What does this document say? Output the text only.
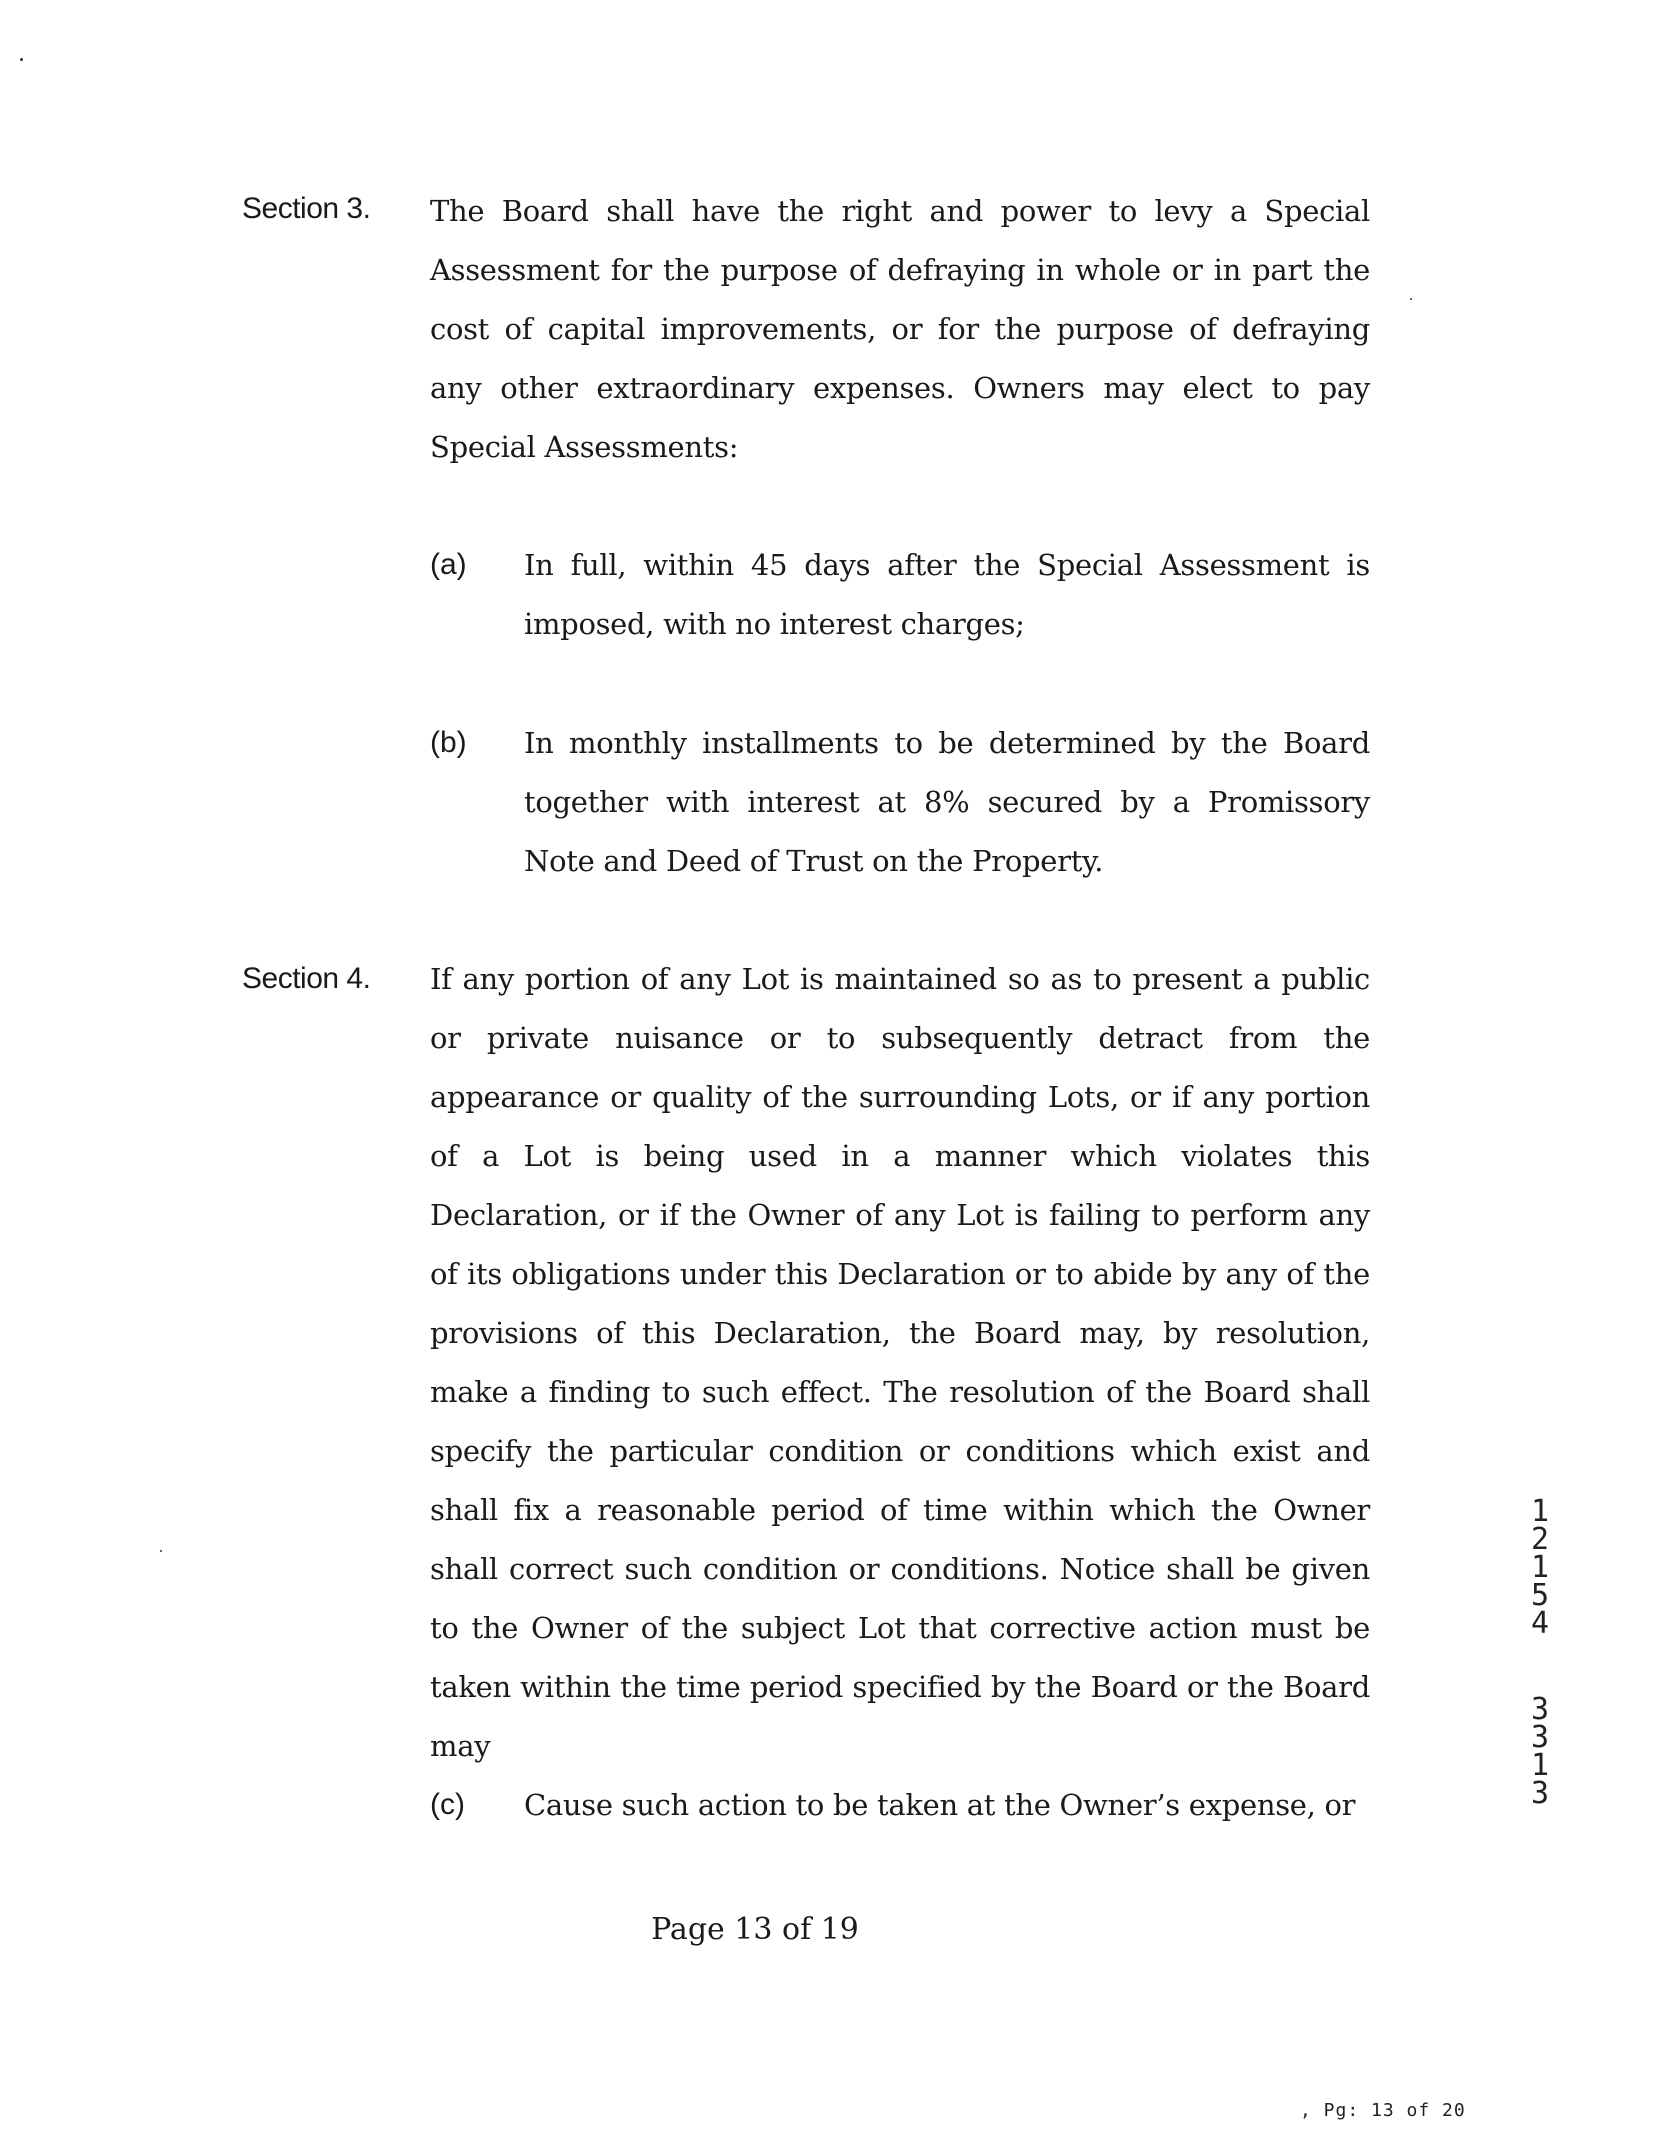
Section 3. The Board shall have the right and power to levy a Special Assessment for the purpose of defraying in whole or in part the cost of capital improvements, or for the purpose of defraying any other extraordinary expenses. Owners may elect to pay Special Assessments:
(a) In full, within 45 days after the Special Assessment is imposed, with no interest charges;
(b) In monthly installments to be determined by the Board together with interest at 8% secured by a Promissory Note and Deed of Trust on the Property.
Section 4. If any portion of any Lot is maintained so as to present a public or private nuisance or to subsequently detract from the appearance or quality of the surrounding Lots, or if any portion of a Lot is being used in a manner which violates this Declaration, or if the Owner of any Lot is failing to perform any of its obligations under this Declaration or to abide by any of the provisions of this Declaration, the Board may, by resolution, make a finding to such effect. The resolution of the Board shall specify the particular condition or conditions which exist and shall fix a reasonable period of time within which the Owner shall correct such condition or conditions. Notice shall be given to the Owner of the subject Lot that corrective action must be taken within the time period specified by the Board or the Board may
(c) Cause such action to be taken at the Owner’s expense, or
Page 13 of 19
1
2
1
5
4
3
3
1
3
, Pg: 13 of 20
